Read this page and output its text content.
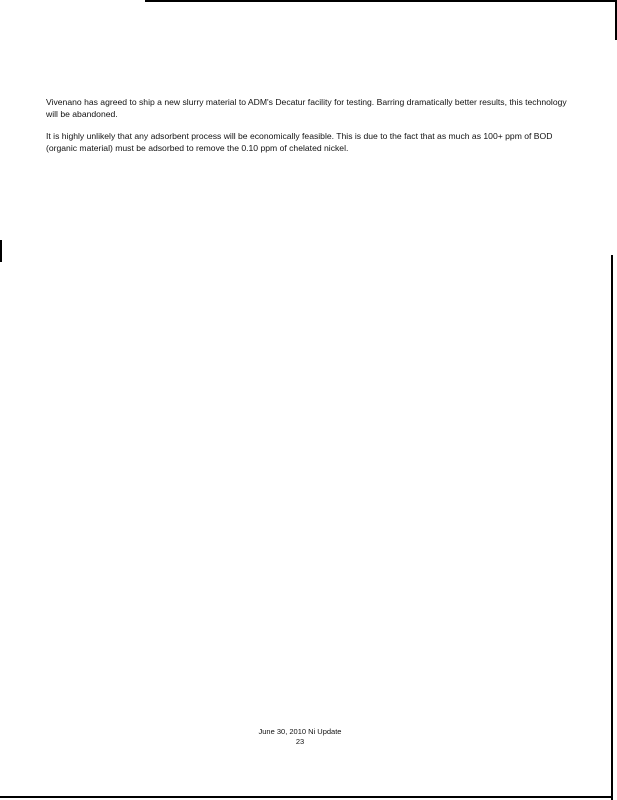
Vivenano has agreed to ship a new slurry material to ADM's Decatur facility for testing. Barring dramatically better results, this technology will be abandoned.

It is highly unlikely that any adsorbent process will be economically feasible. This is due to the fact that as much as 100+ ppm of BOD (organic material) must be adsorbed to remove the 0.10 ppm of chelated nickel.

June 30, 2010 Ni Update
23
